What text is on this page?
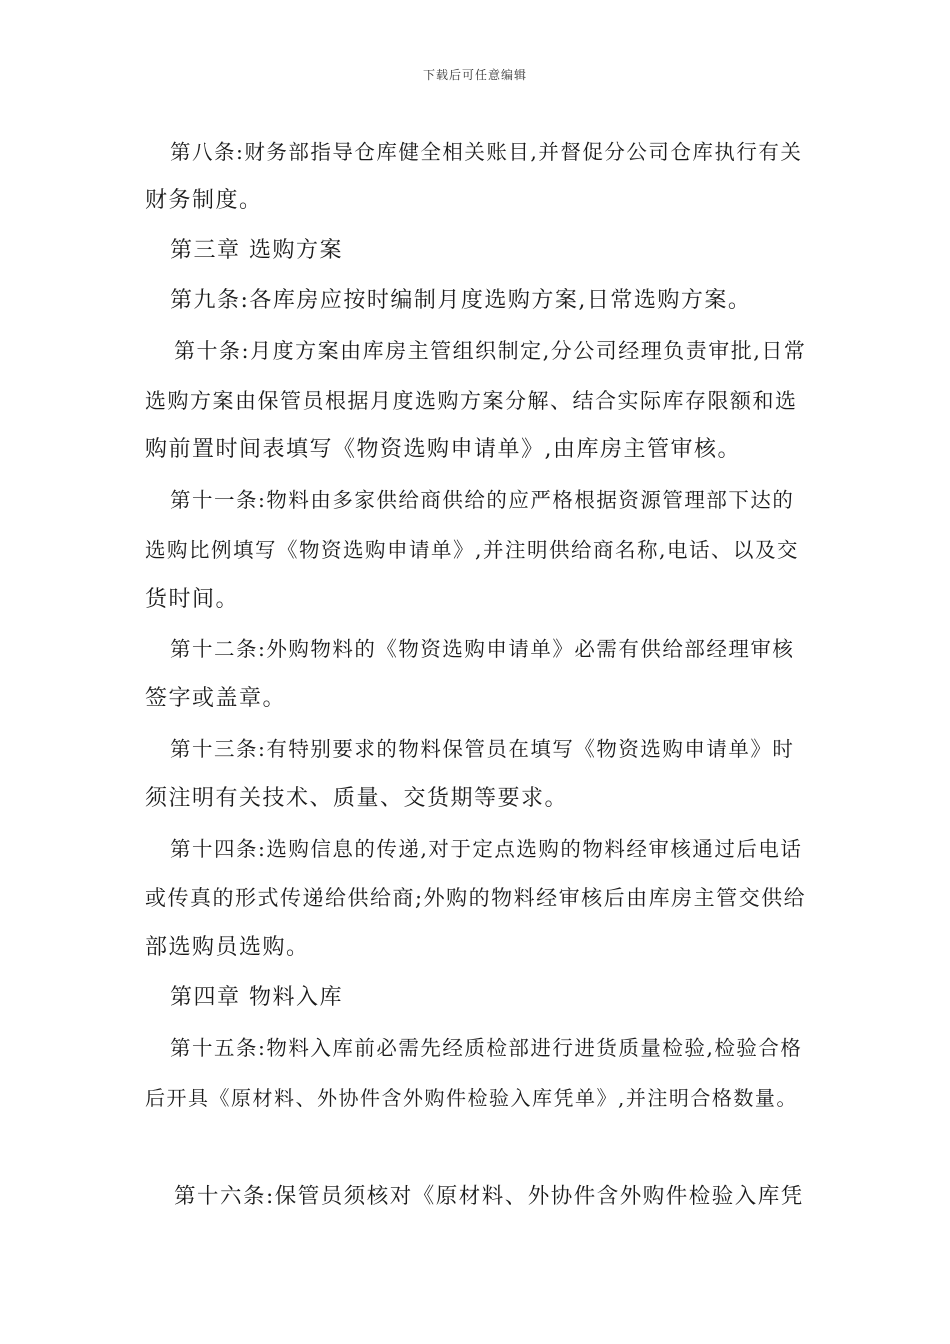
下载后可任意编辑
第八条:财务部指导仓库健全相关账目,并督促分公司仓库执行有关
财务制度。
第三章 选购方案
第九条:各库房应按时编制月度选购方案,日常选购方案。
第十条:月度方案由库房主管组织制定,分公司经理负责审批,日常
选购方案由保管员根据月度选购方案分解、结合实际库存限额和选
购前置时间表填写《物资选购申请单》,由库房主管审核。
第十一条:物料由多家供给商供给的应严格根据资源管理部下达的
选购比例填写《物资选购申请单》,并注明供给商名称,电话、以及交
货时间。
第十二条:外购物料的《物资选购申请单》必需有供给部经理审核
签字或盖章。
第十三条:有特别要求的物料保管员在填写《物资选购申请单》时
须注明有关技术、质量、交货期等要求。
第十四条:选购信息的传递,对于定点选购的物料经审核通过后电话
或传真的形式传递给供给商;外购的物料经审核后由库房主管交供给
部选购员选购。
第四章 物料入库
第十五条:物料入库前必需先经质检部进行进货质量检验,检验合格
后开具《原材料、外协件含外购件检验入库凭单》,并注明合格数量。
第十六条:保管员须核对《原材料、外协件含外购件检验入库凭
